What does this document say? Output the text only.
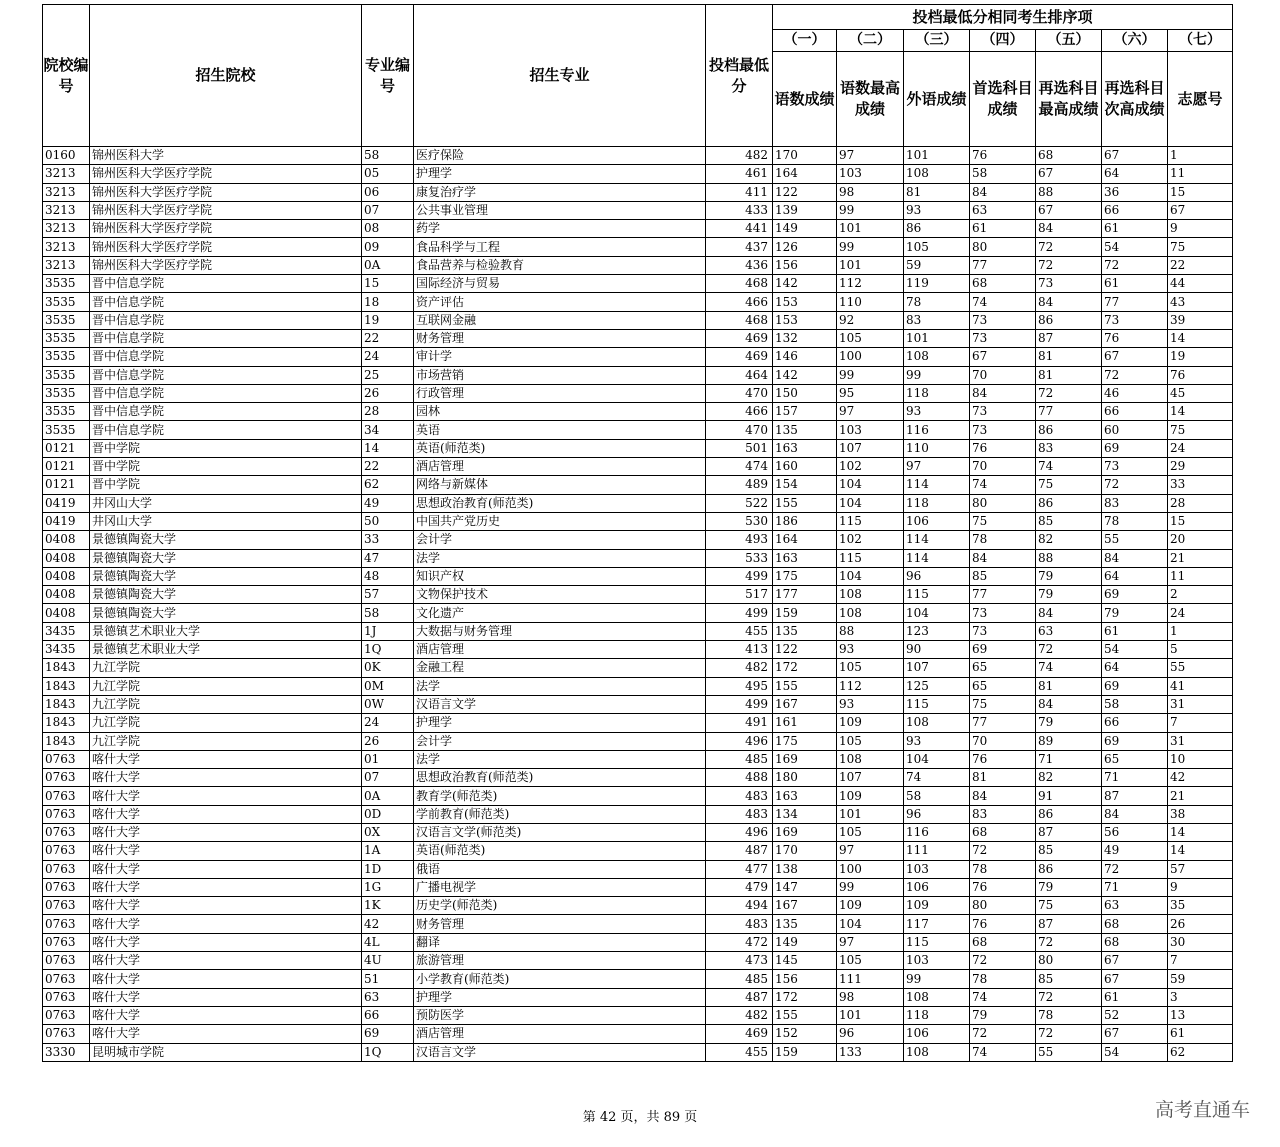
院校编号	招生院校	专业编号	招生专业	投档最低分	投档最低分相同考生排序项						
					（一）	（二）	（三）	（四）	（五）	（六）	（七）
					语数成绩	语数最高成绩	外语成绩	首选科目成绩	再选科目最高成绩	再选科目次高成绩	志愿号
0160	锦州医科大学	58	医疗保险	482	170	97	101	76	68	67	1
3213	锦州医科大学医疗学院	05	护理学	461	164	103	108	58	67	64	11
3213	锦州医科大学医疗学院	06	康复治疗学	411	122	98	81	84	88	36	15
3213	锦州医科大学医疗学院	07	公共事业管理	433	139	99	93	63	67	66	67
3213	锦州医科大学医疗学院	08	药学	441	149	101	86	61	84	61	9
3213	锦州医科大学医疗学院	09	食品科学与工程	437	126	99	105	80	72	54	75
3213	锦州医科大学医疗学院	0A	食品营养与检验教育	436	156	101	59	77	72	72	22
3535	晋中信息学院	15	国际经济与贸易	468	142	112	119	68	73	61	44
3535	晋中信息学院	18	资产评估	466	153	110	78	74	84	77	43
3535	晋中信息学院	19	互联网金融	468	153	92	83	73	86	73	39
3535	晋中信息学院	22	财务管理	469	132	105	101	73	87	76	14
3535	晋中信息学院	24	审计学	469	146	100	108	67	81	67	19
3535	晋中信息学院	25	市场营销	464	142	99	99	70	81	72	76
3535	晋中信息学院	26	行政管理	470	150	95	118	84	72	46	45
3535	晋中信息学院	28	园林	466	157	97	93	73	77	66	14
3535	晋中信息学院	34	英语	470	135	103	116	73	86	60	75
0121	晋中学院	14	英语(师范类)	501	163	107	110	76	83	69	24
0121	晋中学院	22	酒店管理	474	160	102	97	70	74	73	29
0121	晋中学院	62	网络与新媒体	489	154	104	114	74	75	72	33
0419	井冈山大学	49	思想政治教育(师范类)	522	155	104	118	80	86	83	28
0419	井冈山大学	50	中国共产党历史	530	186	115	106	75	85	78	15
0408	景德镇陶瓷大学	33	会计学	493	164	102	114	78	82	55	20
0408	景德镇陶瓷大学	47	法学	533	163	115	114	84	88	84	21
0408	景德镇陶瓷大学	48	知识产权	499	175	104	96	85	79	64	11
0408	景德镇陶瓷大学	57	文物保护技术	517	177	108	115	77	79	69	2
0408	景德镇陶瓷大学	58	文化遗产	499	159	108	104	73	84	79	24
3435	景德镇艺术职业大学	1J	大数据与财务管理	455	135	88	123	73	63	61	1
3435	景德镇艺术职业大学	1Q	酒店管理	413	122	93	90	69	72	54	5
1843	九江学院	0K	金融工程	482	172	105	107	65	74	64	55
1843	九江学院	0M	法学	495	155	112	125	65	81	69	41
1843	九江学院	0W	汉语言文学	499	167	93	115	75	84	58	31
1843	九江学院	24	护理学	491	161	109	108	77	79	66	7
1843	九江学院	26	会计学	496	175	105	93	70	89	69	31
0763	喀什大学	01	法学	485	169	108	104	76	71	65	10
0763	喀什大学	07	思想政治教育(师范类)	488	180	107	74	81	82	71	42
0763	喀什大学	0A	教育学(师范类)	483	163	109	58	84	91	87	21
0763	喀什大学	0D	学前教育(师范类)	483	134	101	96	83	86	84	38
0763	喀什大学	0X	汉语言文学(师范类)	496	169	105	116	68	87	56	14
0763	喀什大学	1A	英语(师范类)	487	170	97	111	72	85	49	14
0763	喀什大学	1D	俄语	477	138	100	103	78	86	72	57
0763	喀什大学	1G	广播电视学	479	147	99	106	76	79	71	9
0763	喀什大学	1K	历史学(师范类)	494	167	109	109	80	75	63	35
0763	喀什大学	42	财务管理	483	135	104	117	76	87	68	26
0763	喀什大学	4L	翻译	472	149	97	115	68	72	68	30
0763	喀什大学	4U	旅游管理	473	145	105	103	72	80	67	7
0763	喀什大学	51	小学教育(师范类)	485	156	111	99	78	85	67	59
0763	喀什大学	63	护理学	487	172	98	108	74	72	61	3
0763	喀什大学	66	预防医学	482	155	101	118	79	78	52	13
0763	喀什大学	69	酒店管理	469	152	96	106	72	72	67	61
3330	昆明城市学院	1Q	汉语言文学	455	159	133	108	74	55	54	62
第 42 页，共 89 页	高考直通车
